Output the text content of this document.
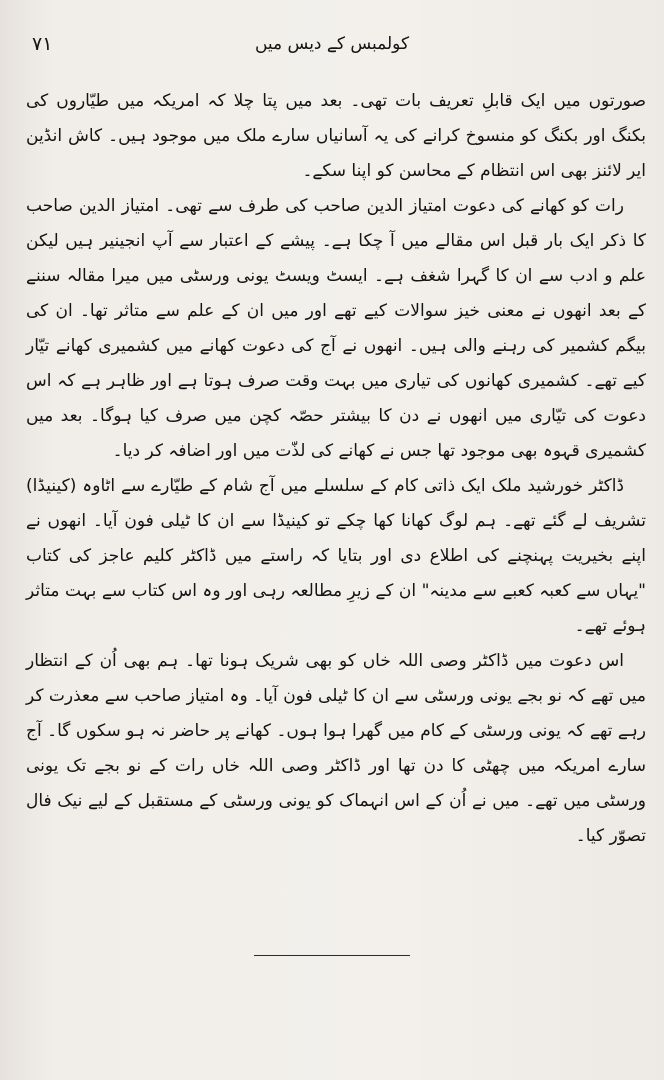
۷۱	کولمبس کے دیس میں

صورتوں میں ایک قابلِ تعریف بات تھی۔ بعد میں پتا چلا کہ امریکہ میں طیّاروں کی بکنگ اور بکنگ کو منسوخ کرانے کی یہ آسانیاں سارے ملک میں موجود ہیں۔ کاش انڈین ایر لائنز بھی اس انتظام کے محاسن کو اپنا سکے۔

رات کو کھانے کی دعوت امتیاز الدین صاحب کی طرف سے تھی۔ امتیاز الدین صاحب کا ذکر ایک بار قبل اس مقالے میں آ چکا ہے۔ پیشے کے اعتبار سے آپ انجینیر ہیں لیکن علم و ادب سے ان کا گہرا شغف ہے۔ ایسٹ ویسٹ یونی ورسٹی میں میرا مقالہ سننے کے بعد انھوں نے معنی خیز سوالات کیے تھے اور میں ان کے علم سے متاثر تھا۔ ان کی بیگم کشمیر کی رہنے والی ہیں۔ انھوں نے آج کی دعوت کھانے میں کشمیری کھانے تیّار کیے تھے۔ کشمیری کھانوں کی تیاری میں بہت وقت صرف ہوتا ہے اور ظاہر ہے کہ اس دعوت کی تیّاری میں انھوں نے دن کا بیشتر حصّہ کچن میں صرف کیا ہوگا۔ بعد میں کشمیری قہوہ بھی موجود تھا جس نے کھانے کی لذّت میں اور اضافہ کر دیا۔

ڈاکٹر خورشید ملک ایک ذاتی کام کے سلسلے میں آج شام کے طیّارے سے اٹاوہ (کینیڈا) تشریف لے گئے تھے۔ ہم لوگ کھانا کھا چکے تو کینیڈا سے ان کا ٹیلی فون آیا۔ انھوں نے اپنے بخیریت پہنچنے کی اطلاع دی اور بتایا کہ راستے میں ڈاکٹر کلیم عاجز کی کتاب "یہاں سے کعبہ کعبے سے مدینہ" ان کے زیرِ مطالعہ رہی اور وہ اس کتاب سے بہت متاثر ہوئے تھے۔

اس دعوت میں ڈاکٹر وصی اللہ خاں کو بھی شریک ہونا تھا۔ ہم بھی اُن کے انتظار میں تھے کہ نو بجے یونی ورسٹی سے ان کا ٹیلی فون آیا۔ وہ امتیاز صاحب سے معذرت کر رہے تھے کہ یونی ورسٹی کے کام میں گھرا ہوا ہوں۔ کھانے پر حاضر نہ ہو سکوں گا۔ آج سارے امریکہ میں چھٹی کا دن تھا اور ڈاکٹر وصی اللہ خاں رات کے نو بجے تک یونی ورسٹی میں تھے۔ میں نے اُن کے اس انہماک کو یونی ورسٹی کے مستقبل کے لیے نیک فال تصوّر کیا۔
